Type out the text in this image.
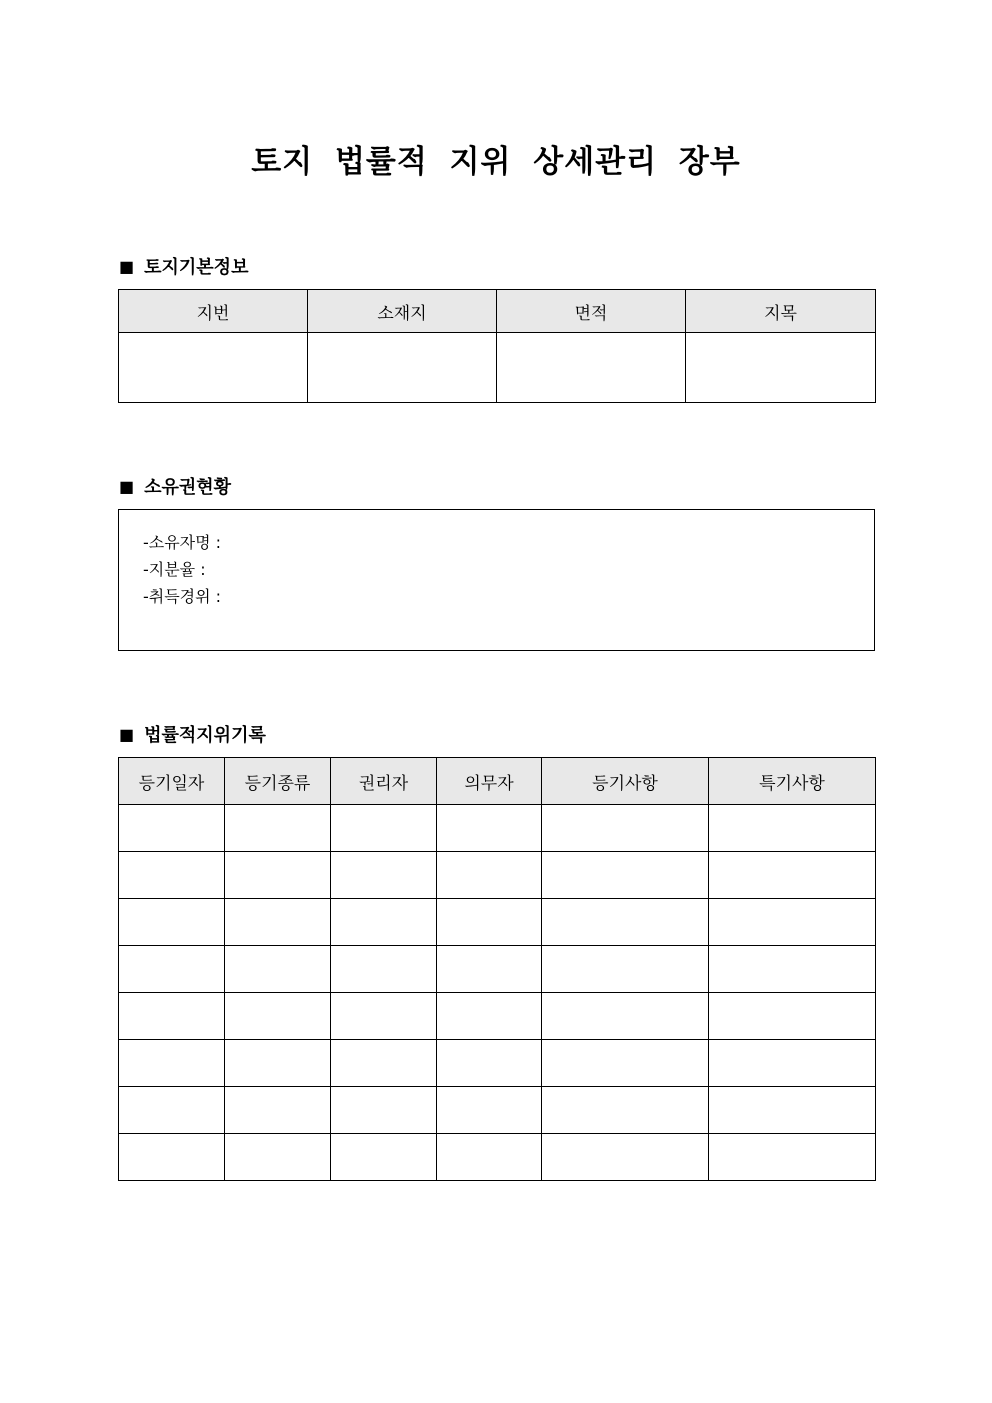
토지 법률적 지위 상세관리 장부
■ 토지기본정보
지번	소재지	면적	지목

■ 소유권현황
-소유자명 :
-지분율 :
-취득경위 :
■ 법률적지위기록
등기일자	등기종류	권리자	의무자	등기사항	특기사항
